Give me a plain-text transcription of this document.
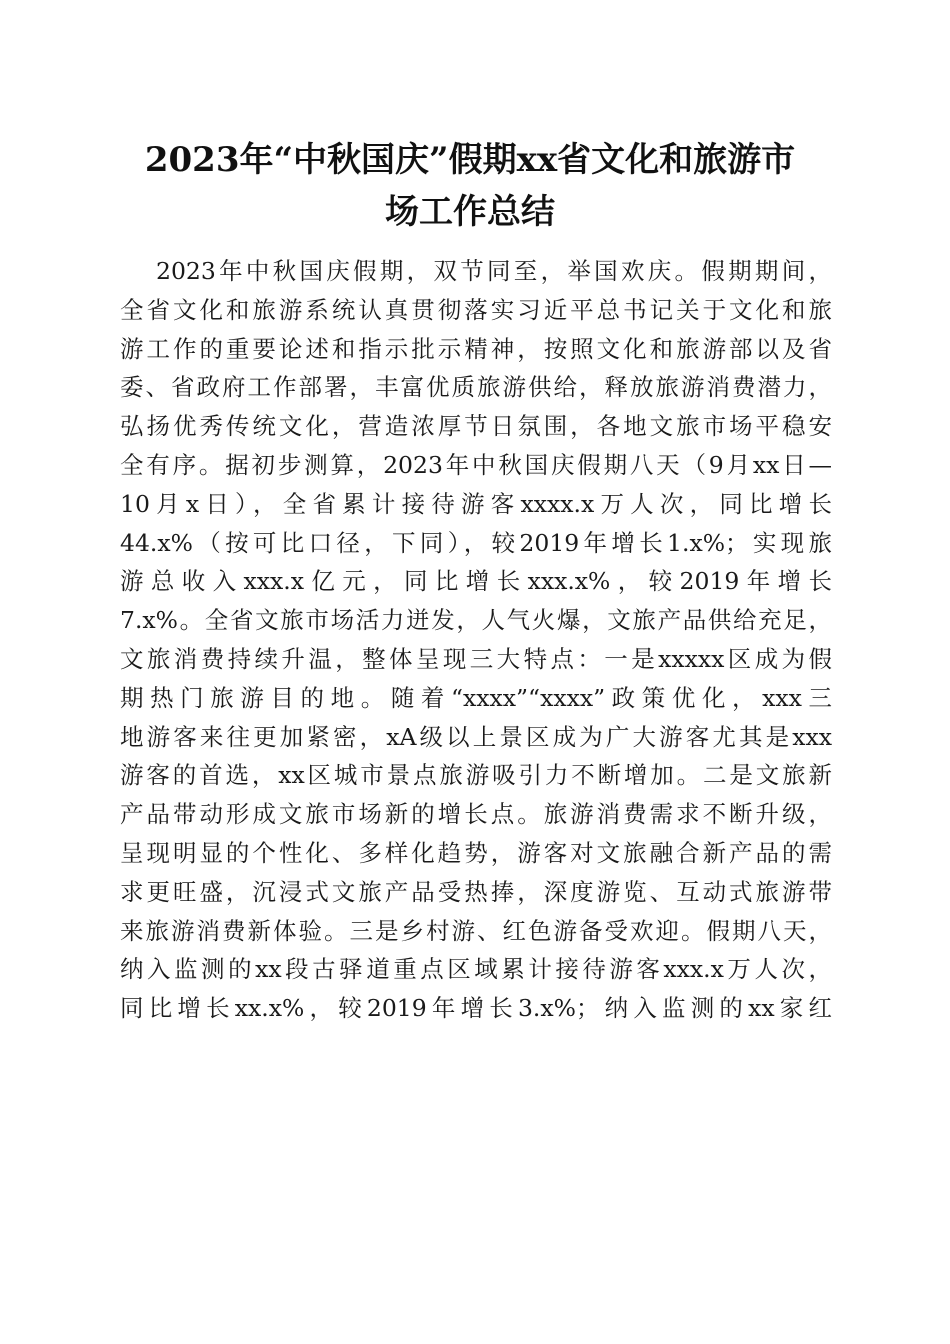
2023年“中秋国庆”假期xx省文化和旅游市
场工作总结
2023年中秋国庆假期，双节同至，举国欢庆。假期期间，
全省文化和旅游系统认真贯彻落实习近平总书记关于文化和旅
游工作的重要论述和指示批示精神，按照文化和旅游部以及省
委、省政府工作部署，丰富优质旅游供给，释放旅游消费潜力，
弘扬优秀传统文化，营造浓厚节日氛围，各地文旅市场平稳安
全有序。据初步测算，2023年中秋国庆假期八天（9月xx日—
10月x日），全省累计接待游客xxxx.x万人次，同比增长
44.x%（按可比口径，下同），较2019年增长1.x%；实现旅
游总收入xxx.x亿元，同比增长xxx.x%，较2019年增长
7.x%。全省文旅市场活力迸发，人气火爆，文旅产品供给充足，
文旅消费持续升温，整体呈现三大特点：一是xxxxx区成为假
期热门旅游目的地。随着“xxxx”“xxxx”政策优化，xxx三
地游客来往更加紧密，xA级以上景区成为广大游客尤其是xxx
游客的首选，xx区城市景点旅游吸引力不断增加。二是文旅新
产品带动形成文旅市场新的增长点。旅游消费需求不断升级，
呈现明显的个性化、多样化趋势，游客对文旅融合新产品的需
求更旺盛，沉浸式文旅产品受热捧，深度游览、互动式旅游带
来旅游消费新体验。三是乡村游、红色游备受欢迎。假期八天，
纳入监测的xx段古驿道重点区域累计接待游客xxx.x万人次，
同比增长xx.x%，较2019年增长3.x%；纳入监测的xx家红
